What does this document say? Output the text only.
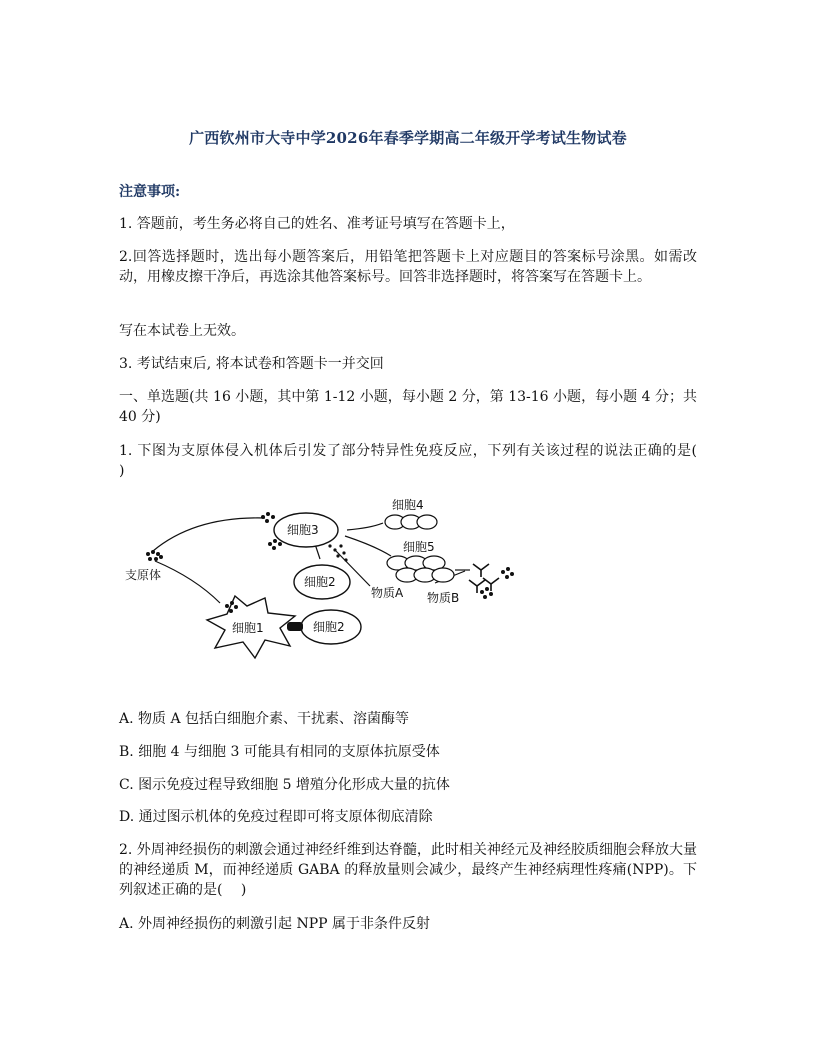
广西钦州市大寺中学2026年春季学期高二年级开学考试生物试卷
注意事项:
1. 答题前，考生务必将自己的姓名、准考证号填写在答题卡上，
2.回答选择题时，选出每小题答案后，用铅笔把答题卡上对应题目的答案标号涂黑。如需改动，用橡皮擦干净后，再选涂其他答案标号。回答非选择题时，将答案写在答题卡上。
写在本试卷上无效。
3. 考试结束后, 将本试卷和答题卡一并交回
一、单选题(共 16 小题，其中第 1-12 小题，每小题 2 分，第 13-16 小题，每小题 4 分；共 40 分)
1. 下图为支原体侵入机体后引发了部分特异性免疫反应，下列有关该过程的说法正确的是(　 )
细胞3
细胞2
细胞2
细胞1
细胞4
细胞5
支原体
物质A 物质B
A. 物质 A 包括白细胞介素、干扰素、溶菌酶等
B. 细胞 4 与细胞 3 可能具有相同的支原体抗原受体
C. 图示免疫过程导致细胞 5 增殖分化形成大量的抗体
D. 通过图示机体的免疫过程即可将支原体彻底清除
2. 外周神经损伤的刺激会通过神经纤维到达脊髓，此时相关神经元及神经胶质细胞会释放大量的神经递质 M，而神经递质 GABA 的释放量则会减少，最终产生神经病理性疼痛(NPP)。下列叙述正确的是(　 )
A. 外周神经损伤的刺激引起 NPP 属于非条件反射
